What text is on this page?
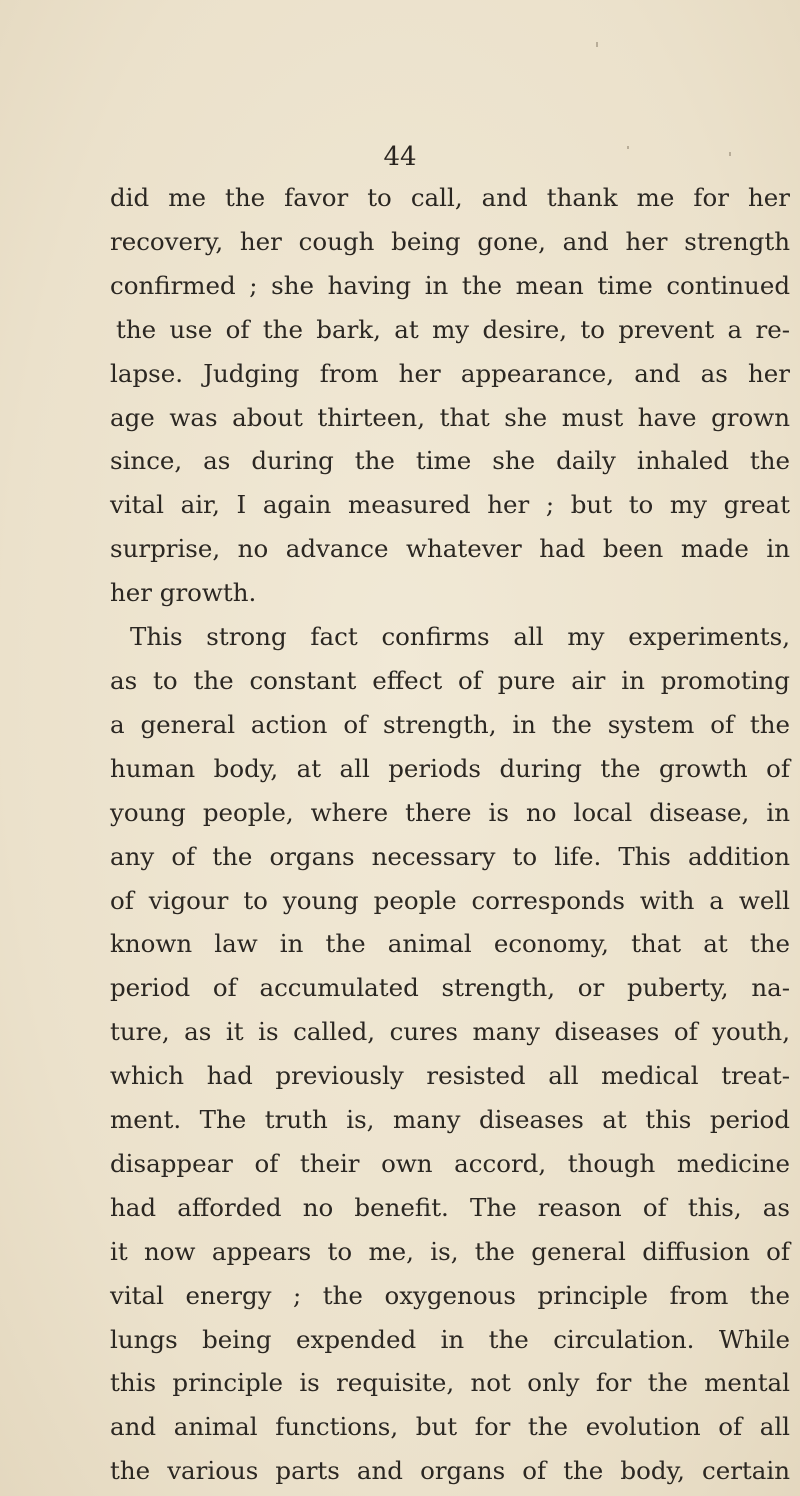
44
did me the favor to call, and thank me for her
recovery, her cough being gone, and her strength
confirmed ; she having in the mean time continued
the use of the bark, at my desire, to prevent a re-
lapse. Judging from her appearance, and as her
age was about thirteen, that she must have grown
since, as during the time she daily inhaled the
vital air, I again measured her ; but to my great
surprise, no advance whatever had been made in
her growth.
This strong fact confirms all my experiments,
as to the constant effect of pure air in promoting
a general action of strength, in the system of the
human body, at all periods during the growth of
young people, where there is no local disease, in
any of the organs necessary to life. This addition
of vigour to young people corresponds with a well
known law in the animal economy, that at the
period of accumulated strength, or puberty, na-
ture, as it is called, cures many diseases of youth,
which had previously resisted all medical treat-
ment. The truth is, many diseases at this period
disappear of their own accord, though medicine
had afforded no benefit. The reason of this, as
it now appears to me, is, the general diffusion of
vital energy ; the oxygenous principle from the
lungs being expended in the circulation. While
this principle is requisite, not only for the mental
and animal functions, but for the evolution of all
the various parts and organs of the body, certain
